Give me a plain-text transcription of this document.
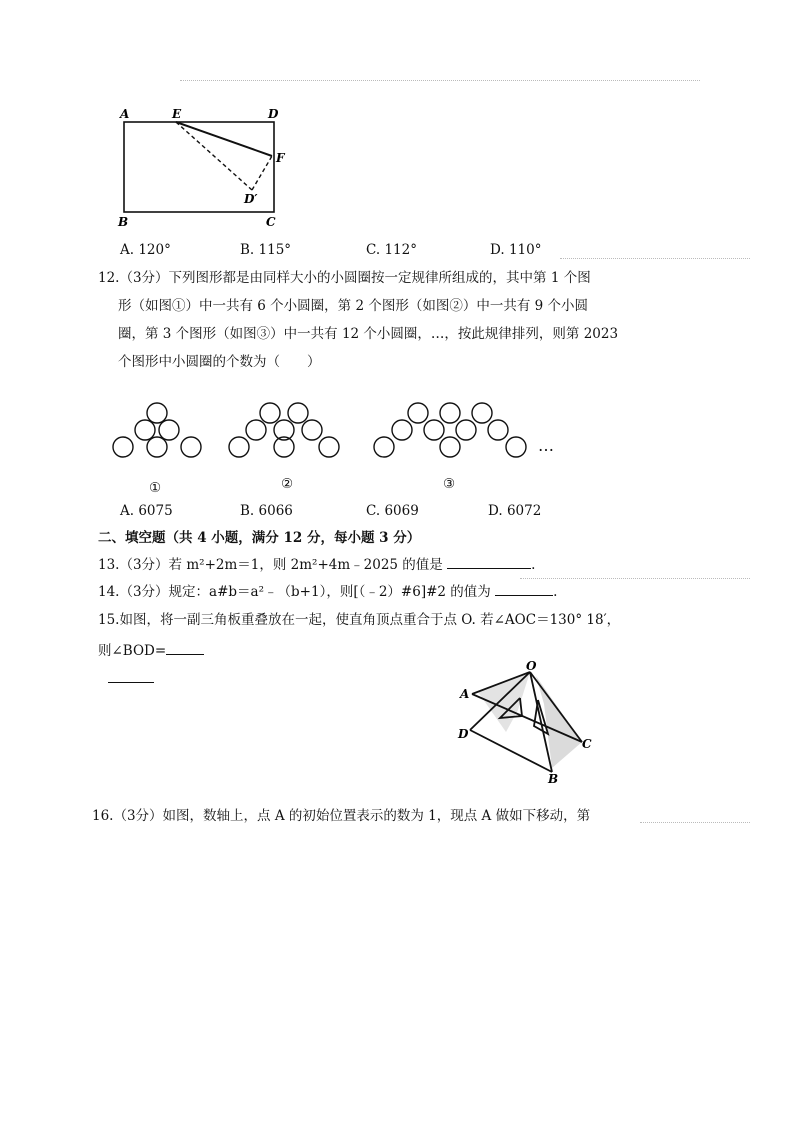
A	E	D
F
D′
B	C
A. 120°	B. 115°	C. 112°	D. 110°
12.（3分）下列图形都是由同样大小的小圆圈按一定规律所组成的，其中第 1 个图
形（如图①）中一共有 6 个小圆圈，第 2 个图形（如图②）中一共有 9 个小圆
圈，第 3 个图形（如图③）中一共有 12 个小圆圈，…，按此规律排列，则第 2023
个图形中小圆圈的个数为（　　）
…
①	②	③
A. 6075	B. 6066	C. 6069	D. 6072
二、填空题（共 4 小题，满分 12 分，每小题 3 分）
13.（3分）若 m²+2m＝1，则 2m²+4m﹣2025 的值是	.
14.（3分）规定：a#b＝a²﹣（b+1），则[（﹣2）#6]#2 的值为	.
15.如图，将一副三角板重叠放在一起，使直角顶点重合于点 O. 若∠AOC＝130° 18′，
则∠BOD=
O
A
D
C
B
16.（3分）如图，数轴上，点 A 的初始位置表示的数为 1，现点 A 做如下移动，第
